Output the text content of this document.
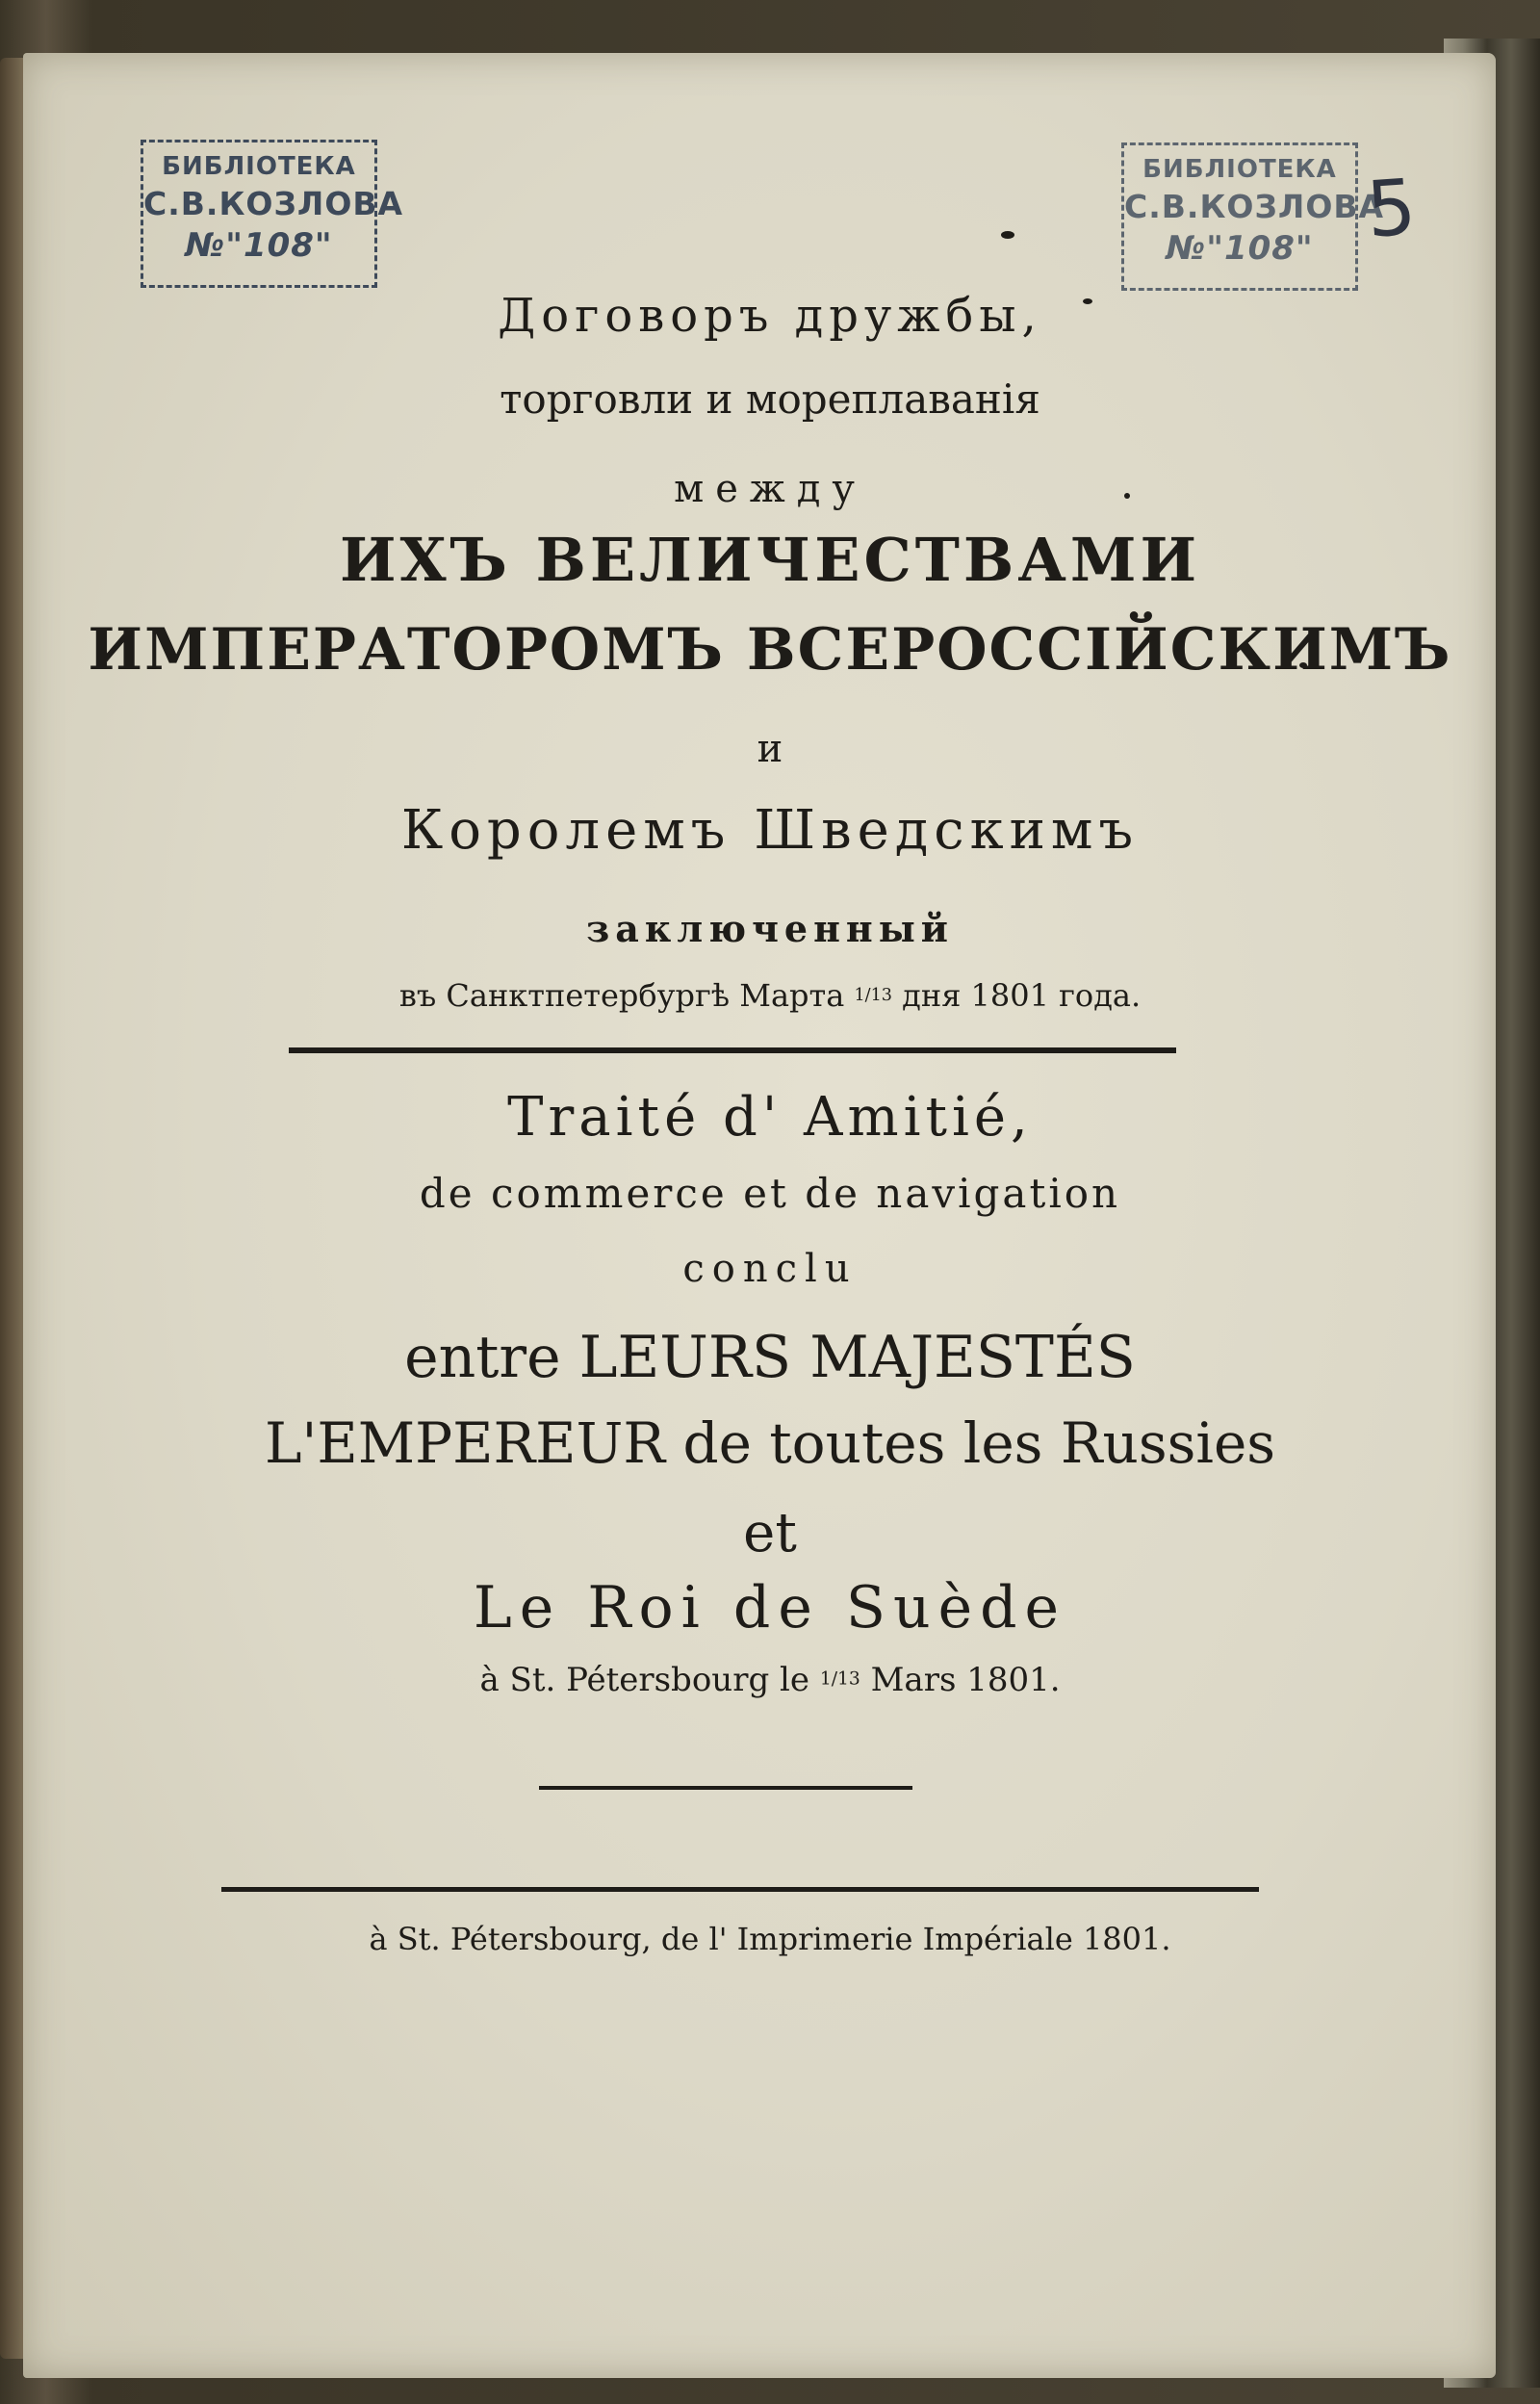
БИБЛІОТЕКА
С.В.КОЗЛОВА
№"108"
БИБЛІОТЕКА
С.В.КОЗЛОВА
№"108" 5
Договоръ дружбы,
торговли и мореплаванія
между
ИХЪ ВЕЛИЧЕСТВАМИ
ИМПЕРАТОРОМЪ ВСЕРОССІЙСКИМЪ
и
Королемъ Шведскимъ
заключенный
въ Санктпетербургѣ Марта 1/13 дня 1801 года.
Traité d' Amitié,
de commerce et de navigation
conclu
entre LEURS MAJESTÉS
L'EMPEREUR de toutes les Russies
et
Le Roi de Suède
à St. Pétersbourg le 1/13 Mars 1801.
à St. Pétersbourg, de l' Imprimerie Impériale 1801.
